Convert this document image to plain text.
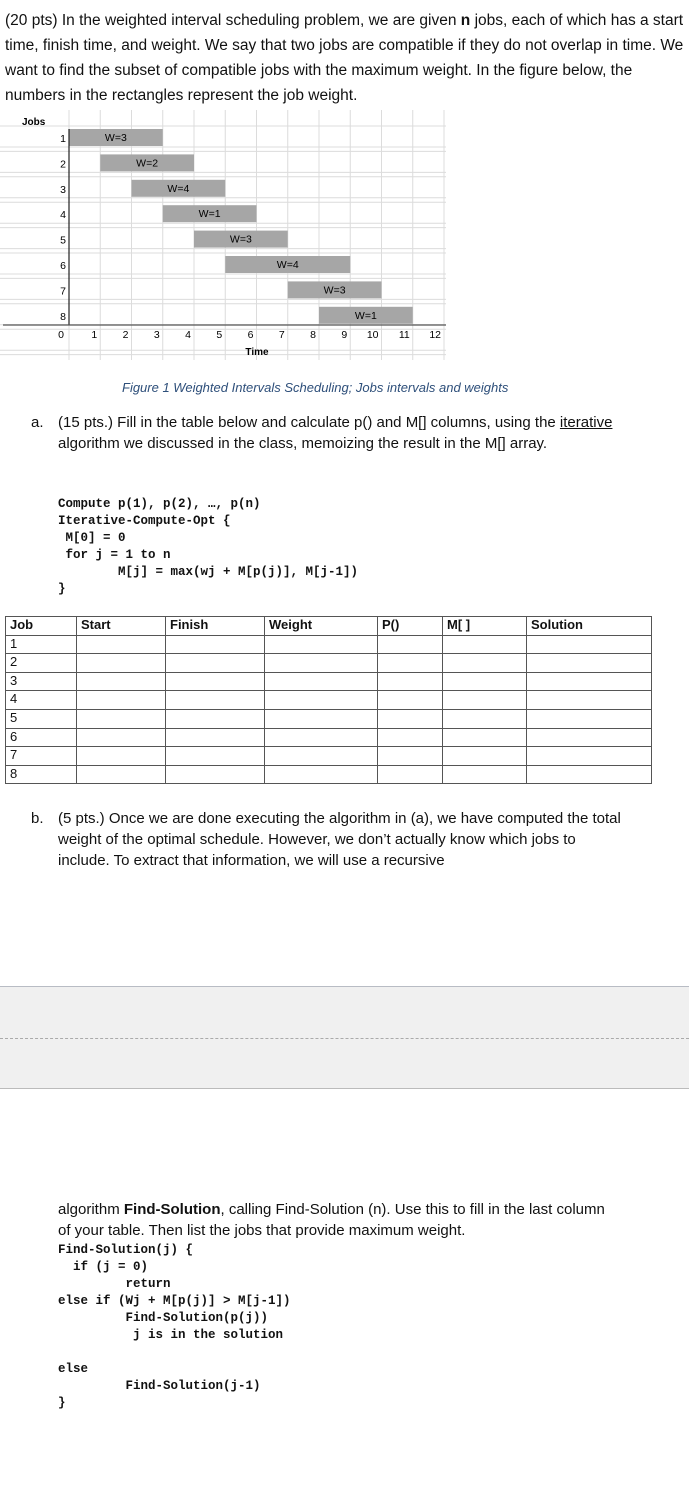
(20 pts) In the weighted interval scheduling problem, we are given n jobs, each of which has a start time, finish time, and weight. We say that two jobs are compatible if they do not overlap in time. We want to find the subset of compatible jobs with the maximum weight. In the figure below, the numbers in the rectangles represent the job weight.
Jobs
W=3
1
W=2
2
W=4
3
W=1
4
W=3
5
W=4
6
W=3
7
W=1
8
0	1 2 3 4 5 6 7 8 9 10 11 12
Time
Figure 1 Weighted Intervals Scheduling; Jobs intervals and weights
a. (15 pts.) Fill in the table below and calculate p() and M[] columns, using the iterative algorithm we discussed in the class, memoizing the result in the M[] array.
Compute p(1), p(2), …, p(n)
Iterative-Compute-Opt {
M[0] = 0
for j = 1 to n
M[j] = max(wj + M[p(j)], M[j-1])
}
Job	Start	Finish	Weight	P()	M[ ]	Solution
1						
2						
3						
4						
5						
6						
7						
8						
b. (5 pts.) Once we are done executing the algorithm in (a), we have computed the total weight of the optimal schedule. However, we don’t actually know which jobs to include. To extract that information, we will use a recursive
algorithm Find-Solution, calling Find-Solution (n). Use this to fill in the last column of your table. Then list the jobs that provide maximum weight.
Find-Solution(j) {
if (j = 0)
return
else if (Wj + M[p(j)] > M[j-1])
Find-Solution(p(j))
j is in the solution

else
Find-Solution(j-1)
}
